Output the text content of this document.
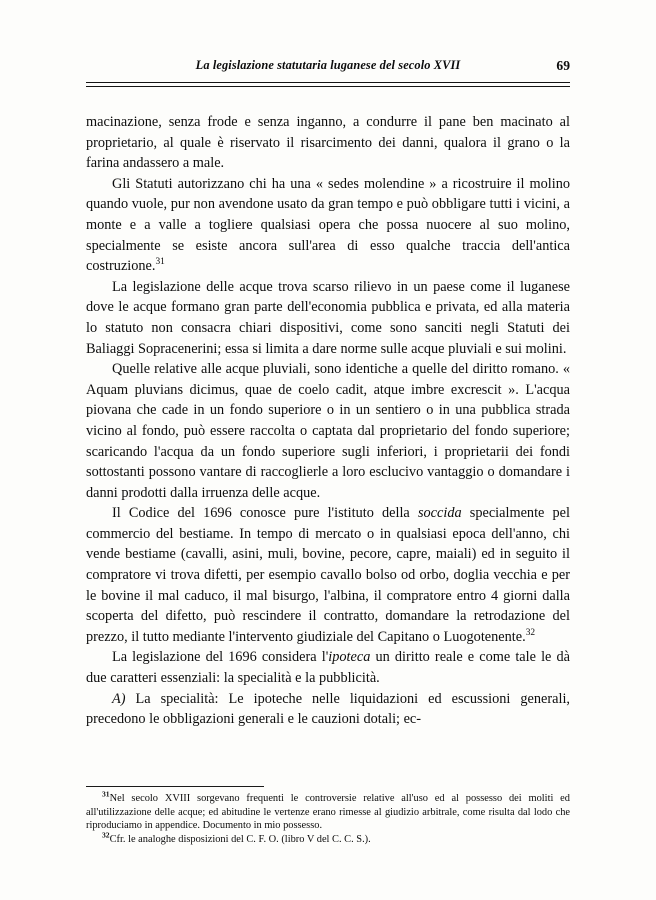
La legislazione statutaria luganese del secolo XVII	69

macinazione, senza frode e senza inganno, a condurre il pane ben macinato al proprietario, al quale è riservato il risarcimento dei danni, qualora il grano o la farina andassero a male.

Gli Statuti autorizzano chi ha una « sedes molendine » a ricostruire il molino quando vuole, pur non avendone usato da gran tempo e può obbligare tutti i vicini, a monte e a valle a togliere qualsiasi opera che possa nuocere al suo molino, specialmente se esiste ancora sull'area di esso qualche traccia dell'antica costruzione.$^{31}$

La legislazione delle acque trova scarso rilievo in un paese come il luganese dove le acque formano gran parte dell'economia pubblica e privata, ed alla materia lo statuto non consacra chiari dispositivi, come sono sanciti negli Statuti dei Baliaggi Sopracenerini; essa si limita a dare norme sulle acque pluviali e sui molini.

Quelle relative alle acque pluviali, sono identiche a quelle del diritto romano. « Aquam pluvians dicimus, quae de coelo cadit, atque imbre excrescit ». L'acqua piovana che cade in un fondo superiore o in un sentiero o in una pubblica strada vicino al fondo, può essere raccolta o captata dal proprietario del fondo superiore; scaricando l'acqua da un fondo superiore sugli inferiori, i proprietarii dei fondi sottostanti possono vantare di raccoglierle a loro esclucivo vantaggio o domandare i danni prodotti dalla irruenza delle acque.

Il Codice del 1696 conosce pure l'istituto della soccida specialmente pel commercio del bestiame. In tempo di mercato o in qualsiasi epoca dell'anno, chi vende bestiame (cavalli, asini, muli, bovine, pecore, capre, maiali) ed in seguito il compratore vi trova difetti, per esempio cavallo bolso od orbo, doglia vecchia e per le bovine il mal caduco, il mal bisurgo, l'albina, il compratore entro 4 giorni dalla scoperta del difetto, può rescindere il contratto, domandare la retrodazione del prezzo, il tutto mediante l'intervento giudiziale del Capitano o Luogotenente.$^{32}$

La legislazione del 1696 considera l'ipoteca un diritto reale e come tale le dà due caratteri essenziali: la specialità e la pubblicità.

A) La specialità: Le ipoteche nelle liquidazioni ed escussioni generali, precedono le obbligazioni generali e le cauzioni dotali; ec-

$^{31}$Nel secolo XVIII sorgevano frequenti le controversie relative all'uso ed al possesso dei moliti ed all'utilizzazione delle acque; ed abitudine le vertenze erano rimesse al giudizio arbitrale, come risulta dal lodo che riproduciamo in appendice. Documento in mio possesso.

$^{32}$Cfr. le analoghe disposizioni del C. F. O. (libro V del C. C. S.).
